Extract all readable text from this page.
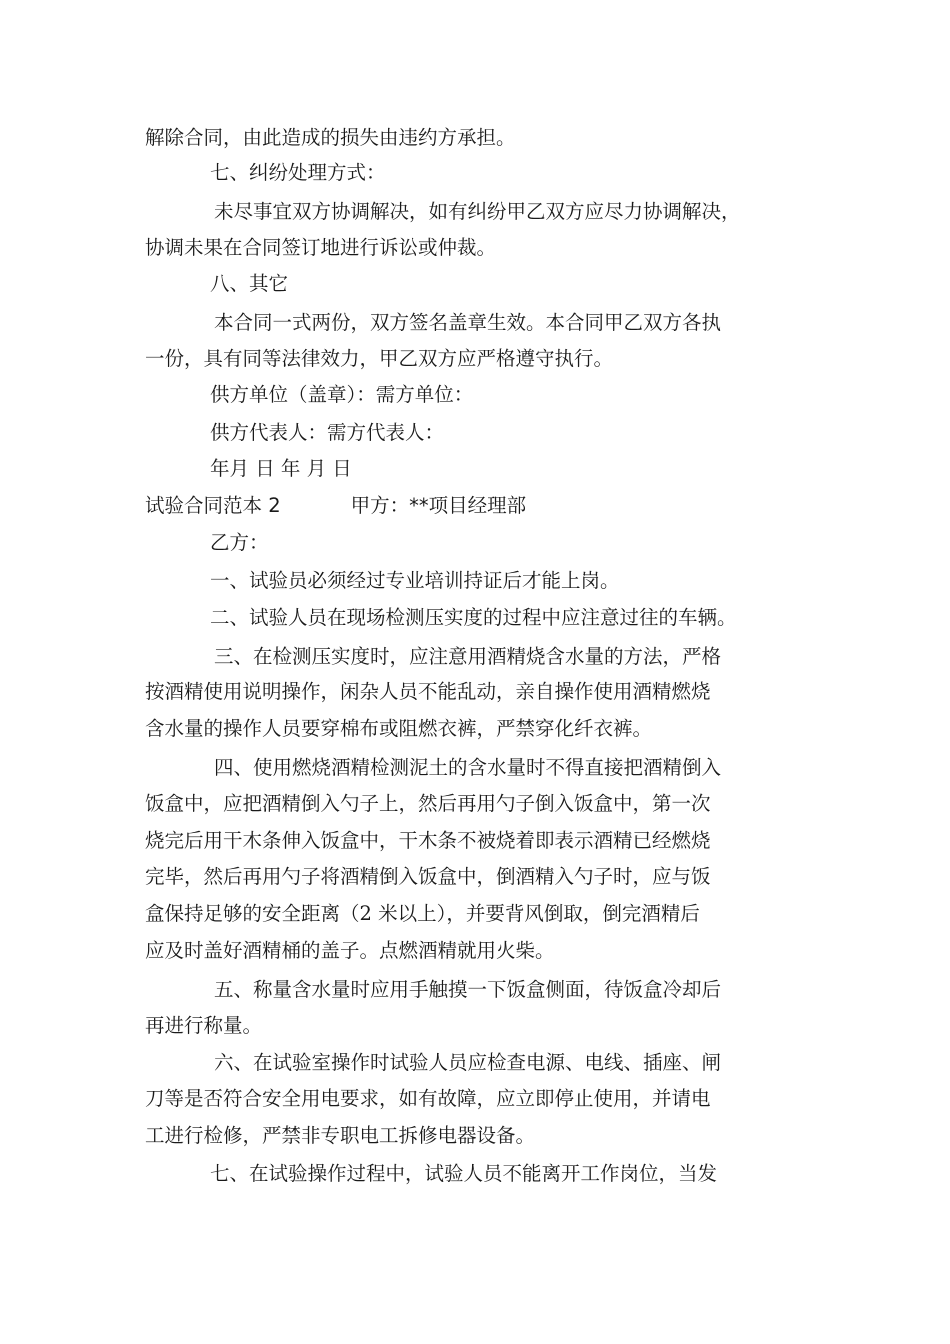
解除合同，由此造成的损失由违约方承担。
七、纠纷处理方式：
未尽事宜双方协调解决，如有纠纷甲乙双方应尽力协调解决，
协调未果在合同签订地进行诉讼或仲裁。
八、其它
本合同一式两份，双方签名盖章生效。本合同甲乙双方各执
一份，具有同等法律效力，甲乙双方应严格遵守执行。
供方单位（盖章）：需方单位：
供方代表人：需方代表人：
年月 日 年 月 日
试验合同范本 2	甲方：**项目经理部
乙方：
一、试验员必须经过专业培训持证后才能上岗。
二、试验人员在现场检测压实度的过程中应注意过往的车辆。
三、在检测压实度时，应注意用酒精烧含水量的方法，严格
按酒精使用说明操作，闲杂人员不能乱动，亲自操作使用酒精燃烧
含水量的操作人员要穿棉布或阻燃衣裤，严禁穿化纤衣裤。
四、使用燃烧酒精检测泥土的含水量时不得直接把酒精倒入
饭盒中，应把酒精倒入勺子上，然后再用勺子倒入饭盒中，第一次
烧完后用干木条伸入饭盒中，干木条不被烧着即表示酒精已经燃烧
完毕，然后再用勺子将酒精倒入饭盒中，倒酒精入勺子时，应与饭
盒保持足够的安全距离（2 米以上），并要背风倒取，倒完酒精后
应及时盖好酒精桶的盖子。点燃酒精就用火柴。
五、称量含水量时应用手触摸一下饭盒侧面，待饭盒冷却后
再进行称量。
六、在试验室操作时试验人员应检查电源、电线、插座、闸
刀等是否符合安全用电要求，如有故障，应立即停止使用，并请电
工进行检修，严禁非专职电工拆修电器设备。
七、在试验操作过程中，试验人员不能离开工作岗位，当发
